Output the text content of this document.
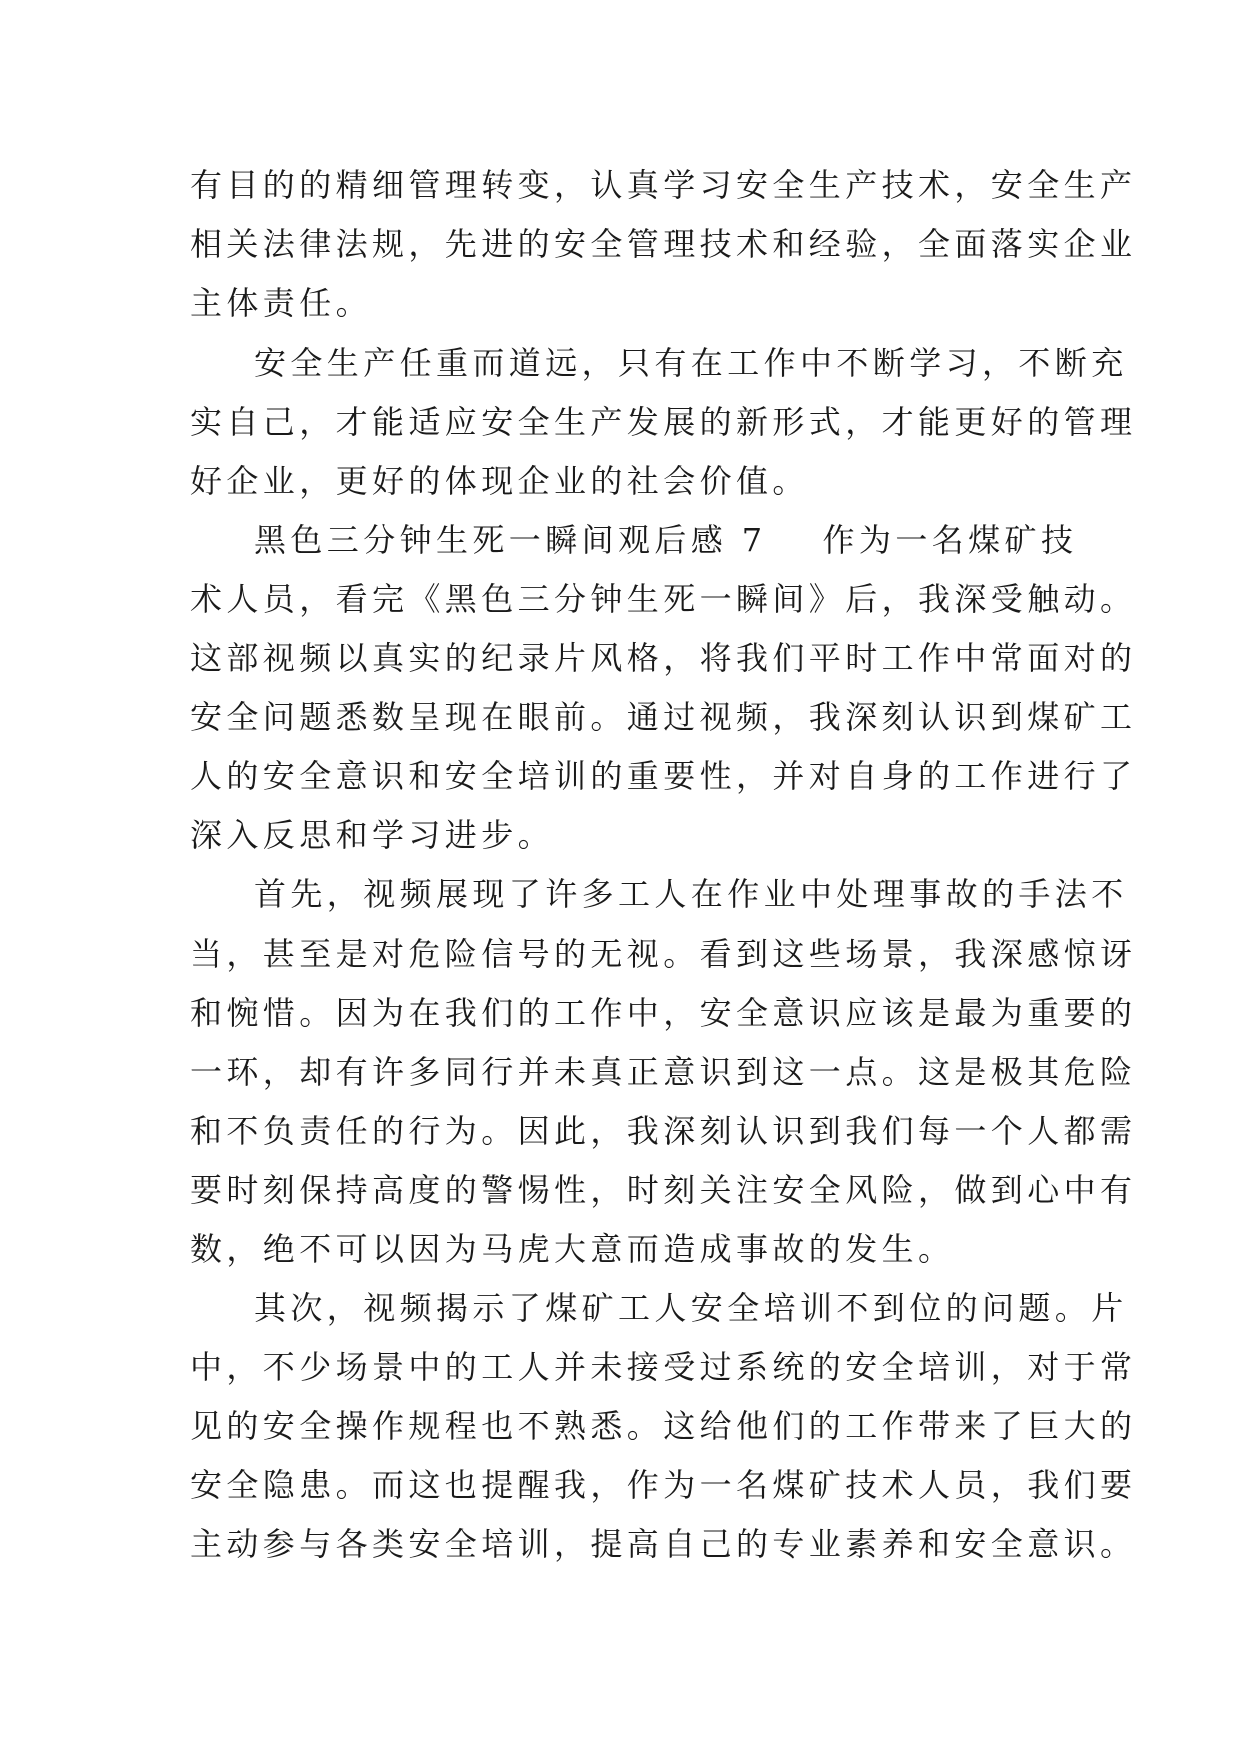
有目的的精细管理转变，认真学习安全生产技术，安全生产
相关法律法规，先进的安全管理技术和经验，全面落实企业
主体责任。
安全生产任重而道远，只有在工作中不断学习，不断充
实自己，才能适应安全生产发展的新形式，才能更好的管理
好企业，更好的体现企业的社会价值。
黑色三分钟生死一瞬间观后感 7 作为一名煤矿技
术人员，看完《黑色三分钟生死一瞬间》后，我深受触动。
这部视频以真实的纪录片风格，将我们平时工作中常面对的
安全问题悉数呈现在眼前。通过视频，我深刻认识到煤矿工
人的安全意识和安全培训的重要性，并对自身的工作进行了
深入反思和学习进步。
首先，视频展现了许多工人在作业中处理事故的手法不
当，甚至是对危险信号的无视。看到这些场景，我深感惊讶
和惋惜。因为在我们的工作中，安全意识应该是最为重要的
一环，却有许多同行并未真正意识到这一点。这是极其危险
和不负责任的行为。因此，我深刻认识到我们每一个人都需
要时刻保持高度的警惕性，时刻关注安全风险，做到心中有
数，绝不可以因为马虎大意而造成事故的发生。
其次，视频揭示了煤矿工人安全培训不到位的问题。片
中，不少场景中的工人并未接受过系统的安全培训，对于常
见的安全操作规程也不熟悉。这给他们的工作带来了巨大的
安全隐患。而这也提醒我，作为一名煤矿技术人员，我们要
主动参与各类安全培训，提高自己的专业素养和安全意识。
